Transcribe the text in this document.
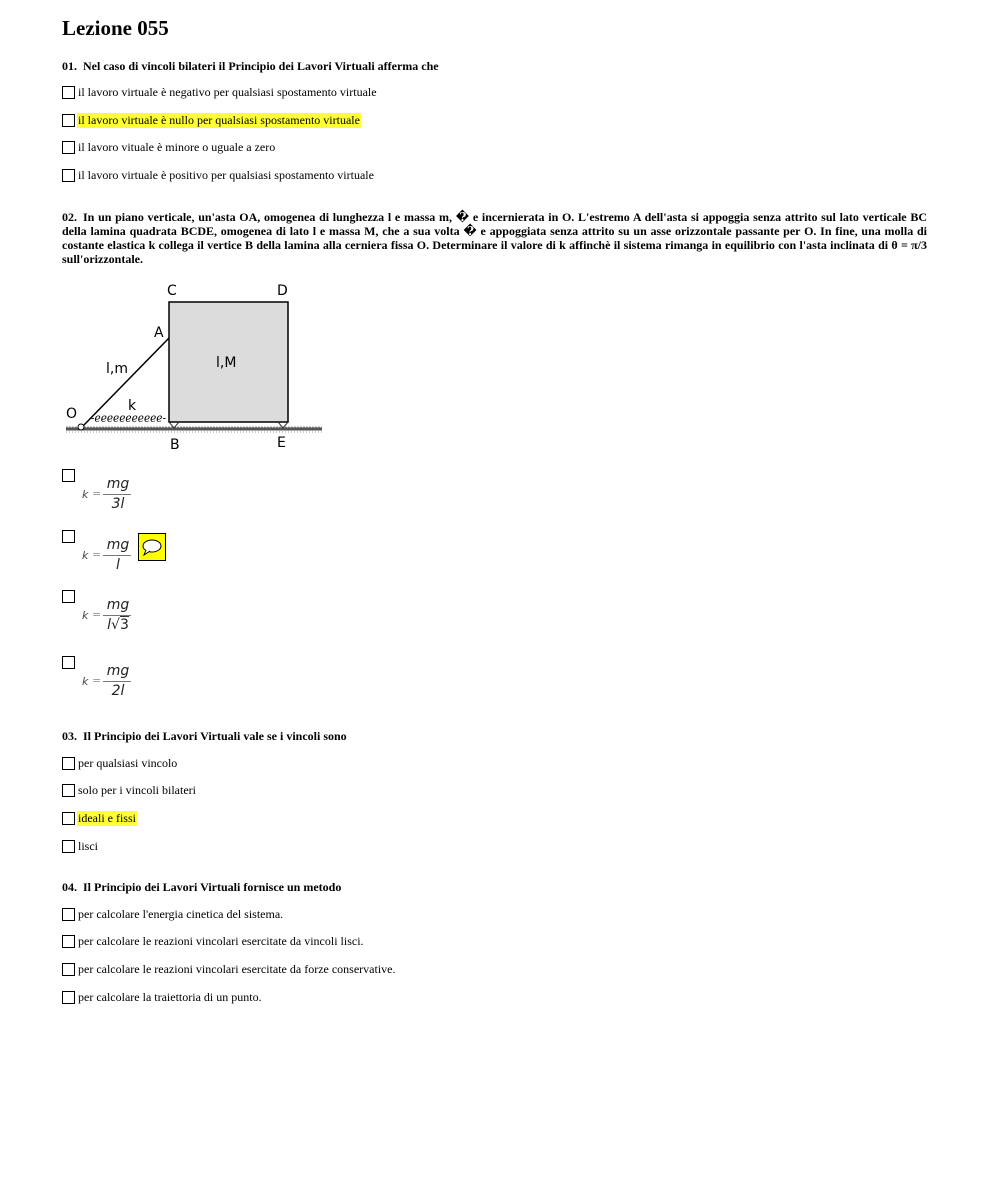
Lezione 055
01. Nel caso di vincoli bilateri il Principio dei Lavori Virtuali afferma che
il lavoro virtuale è negativo per qualsiasi spostamento virtuale
il lavoro virtuale è nullo per qualsiasi spostamento virtuale
il lavoro vituale è minore o uguale a zero
il lavoro virtuale è positivo per qualsiasi spostamento virtuale
02. In un piano verticale, un'asta OA, omogenea di lunghezza l e massa m, � e incernierata in O. L'estremo A dell'asta si appoggia senza attrito sul lato verticale BC della lamina quadrata BCDE, omogenea di lato l e massa M, che a sua volta � e appoggiata senza attrito su un asse orizzontale passante per O. In fine, una molla di costante elastica k collega il vertice B della lamina alla cerniera fissa O. Determinare il valore di k affinchè il sistema rimanga in equilibrio con l'asta inclinata di θ = π/3 sull'orizzontale.
C	D
A
O
B	E
l,m	l,M
k
-eeeeeeeeeee-
k =
mg
3l
k =
mg
l
k =
mg
l√3
k =
mg
2l
03. Il Principio dei Lavori Virtuali vale se i vincoli sono
per qualsiasi vincolo
solo per i vincoli bilateri
ideali e fissi
lisci
04. Il Principio dei Lavori Virtuali fornisce un metodo
per calcolare l'energia cinetica del sistema.
per calcolare le reazioni vincolari esercitate da vincoli lisci.
per calcolare le reazioni vincolari esercitate da forze conservative.
per calcolare la traiettoria di un punto.
